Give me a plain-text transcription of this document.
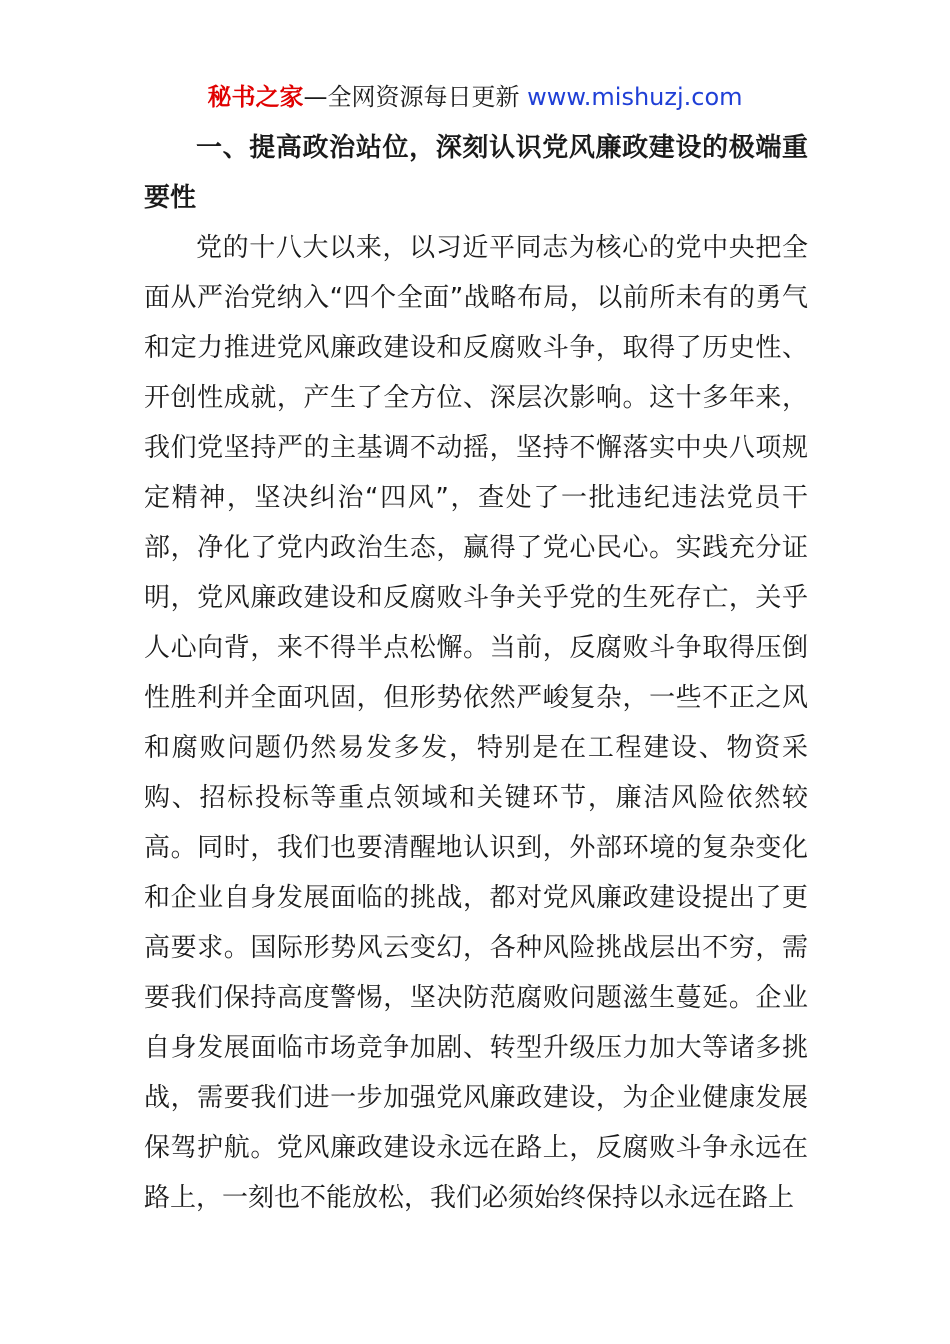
秘书之家—全网资源每日更新 www.mishuzj.com

一、提高政治站位，深刻认识党风廉政建设的极端重要性

党的十八大以来，以习近平同志为核心的党中央把全面从严治党纳入“四个全面”战略布局，以前所未有的勇气和定力推进党风廉政建设和反腐败斗争，取得了历史性、开创性成就，产生了全方位、深层次影响。这十多年来，我们党坚持严的主基调不动摇，坚持不懈落实中央八项规定精神，坚决纠治“四风”，查处了一批违纪违法党员干部，净化了党内政治生态，赢得了党心民心。实践充分证明，党风廉政建设和反腐败斗争关乎党的生死存亡，关乎人心向背，来不得半点松懈。当前，反腐败斗争取得压倒性胜利并全面巩固，但形势依然严峻复杂，一些不正之风和腐败问题仍然易发多发，特别是在工程建设、物资采购、招标投标等重点领域和关键环节，廉洁风险依然较高。同时，我们也要清醒地认识到，外部环境的复杂变化和企业自身发展面临的挑战，都对党风廉政建设提出了更高要求。国际形势风云变幻，各种风险挑战层出不穷，需要我们保持高度警惕，坚决防范腐败问题滋生蔓延。企业自身发展面临市场竞争加剧、转型升级压力加大等诸多挑战，需要我们进一步加强党风廉政建设，为企业健康发展保驾护航。党风廉政建设永远在路上，反腐败斗争永远在路上，一刻也不能放松，我们必须始终保持以永远在路上
